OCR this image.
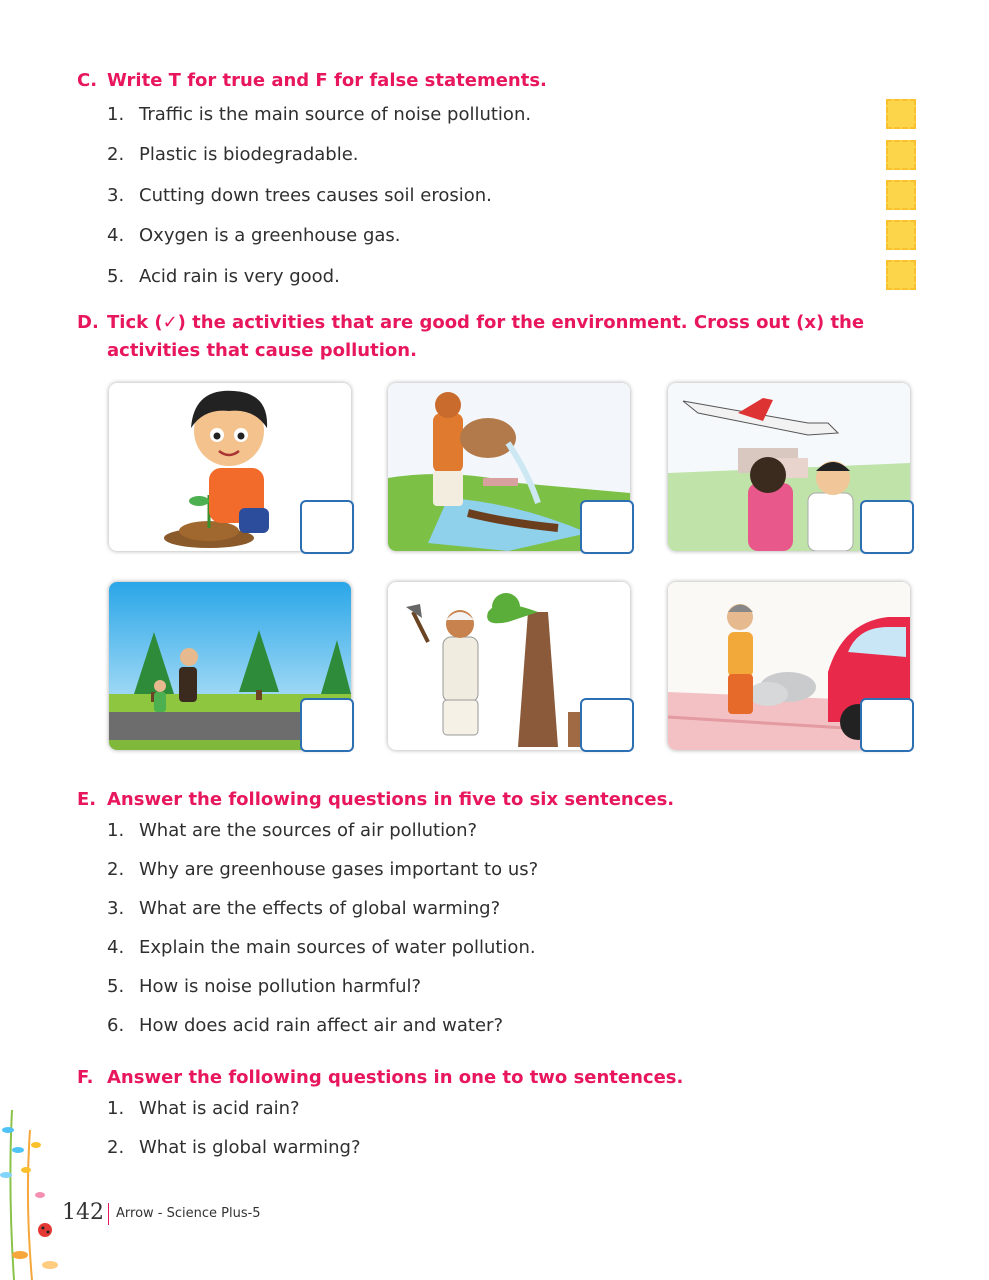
C. Write T for true and F for false statements.
1. Traffic is the main source of noise pollution.
2. Plastic is biodegradable.
3. Cutting down trees causes soil erosion.
4. Oxygen is a greenhouse gas.
5. Acid rain is very good.
D. Tick (✓) the activities that are good for the environment. Cross out (x) the
activities that cause pollution.
E. Answer the following questions in five to six sentences.
1. What are the sources of air pollution?
2. Why are greenhouse gases important to us?
3. What are the effects of global warming?
4. Explain the main sources of water pollution.
5. How is noise pollution harmful?
6. How does acid rain affect air and water?
F. Answer the following questions in one to two sentences.
1. What is acid rain?
2. What is global warming?
142 Arrow - Science Plus-5
